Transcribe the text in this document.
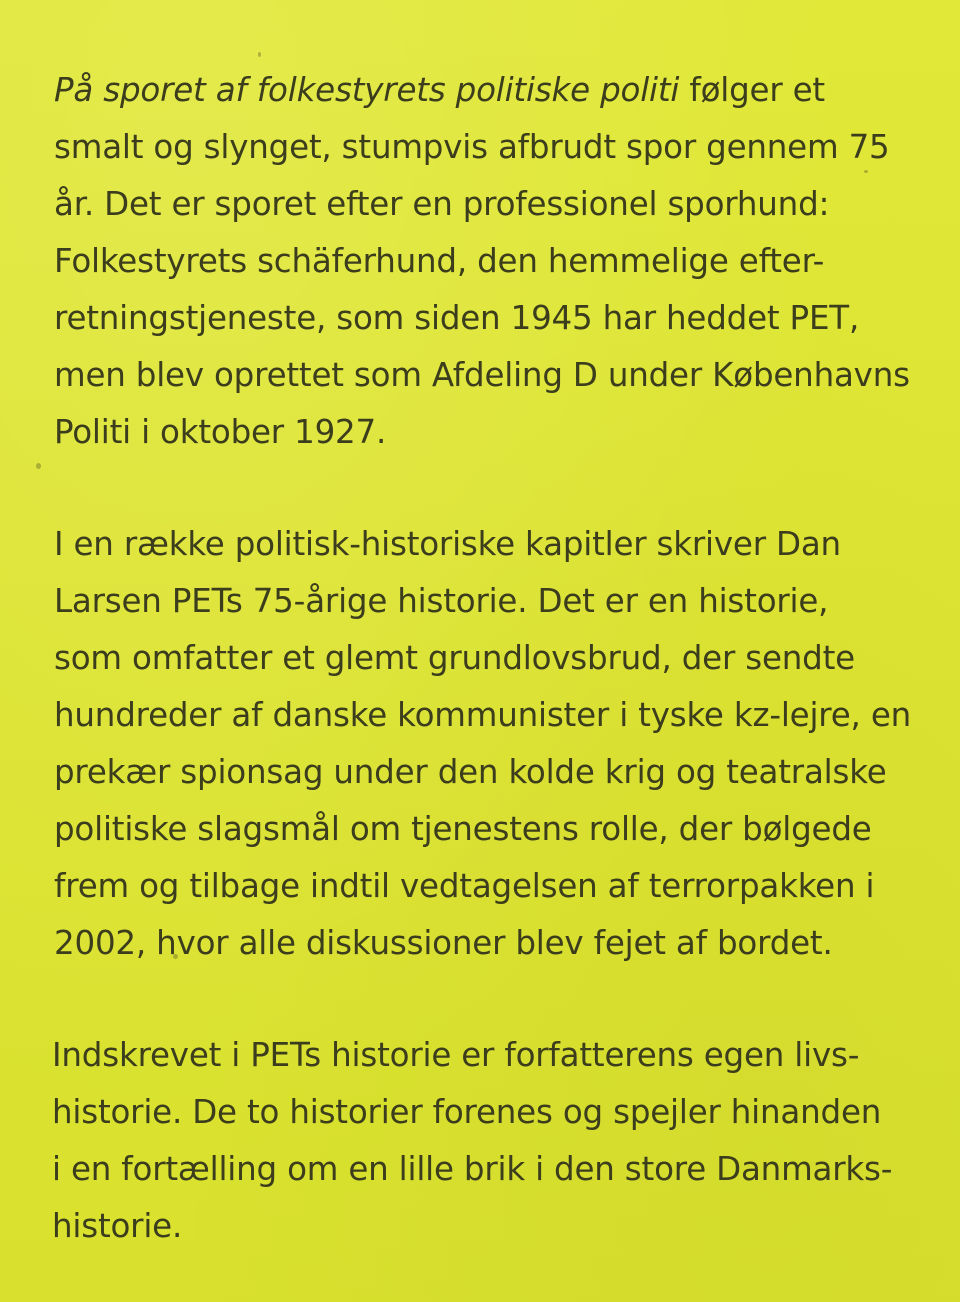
På sporet af folkestyrets politiske politi følger et
smalt og slynget, stumpvis afbrudt spor gennem 75
år. Det er sporet efter en professionel sporhund:
Folkestyrets schäferhund, den hemmelige efter-
retningstjeneste, som siden 1945 har heddet PET,
men blev oprettet som Afdeling D under Københavns
Politi i oktober 1927.

I en række politisk-historiske kapitler skriver Dan
Larsen PETs 75-årige historie. Det er en historie,
som omfatter et glemt grundlovsbrud, der sendte
hundreder af danske kommunister i tyske kz-lejre, en
prekær spionsag under den kolde krig og teatralske
politiske slagsmål om tjenestens rolle, der bølgede
frem og tilbage indtil vedtagelsen af terrorpakken i
2002, hvor alle diskussioner blev fejet af bordet.

Indskrevet i PETs historie er forfatterens egen livs-
historie. De to historier forenes og spejler hinanden
i en fortælling om en lille brik i den store Danmarks-
historie.
